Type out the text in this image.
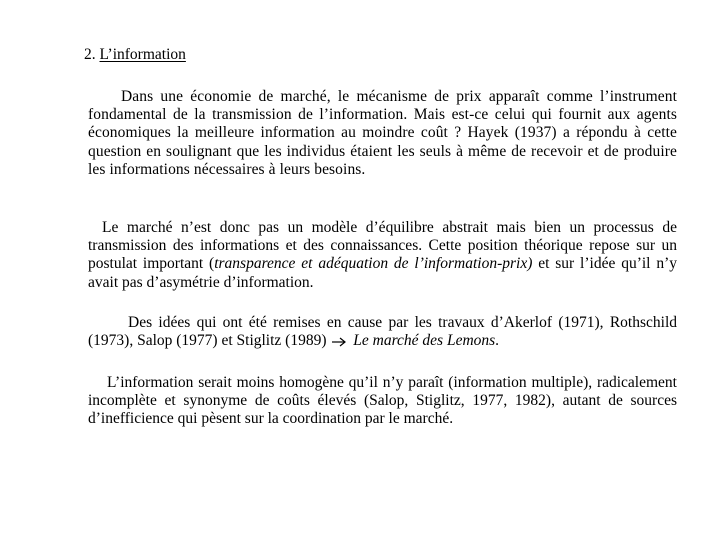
2. L’information

Dans une économie de marché, le mécanisme de prix apparaît comme l’instrument fondamental de la transmission de l’information. Mais est-ce celui qui fournit aux agents économiques la meilleure information au moindre coût ? Hayek (1937) a répondu à cette question en soulignant que les individus étaient les seuls à même de recevoir et de produire les informations nécessaires à leurs besoins.

Le marché n’est donc pas un modèle d’équilibre abstrait mais bien un processus de transmission des informations et des connaissances. Cette position théorique repose sur un postulat important (transparence et adéquation de l’information-prix) et sur l’idée qu’il n’y avait pas d’asymétrie d’information.

Des idées qui ont été remises en cause par les travaux d’Akerlof (1971), Rothschild (1973), Salop (1977) et Stiglitz (1989) Le marché des Lemons.

L’information serait moins homogène qu’il n’y paraît (information multiple), radicalement incomplète et synonyme de coûts élevés (Salop, Stiglitz, 1977, 1982), autant de sources d’inefficience qui pèsent sur la coordination par le marché.
